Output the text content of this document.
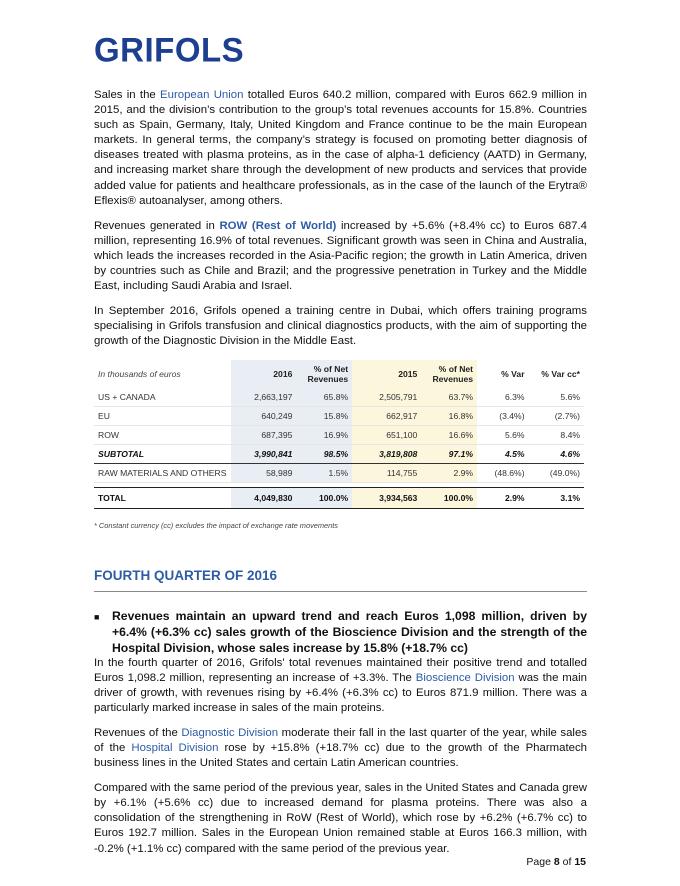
GRIFOLS

Sales in the European Union totalled Euros 640.2 million, compared with Euros 662.9 million in 2015, and the division’s contribution to the group’s total revenues accounts for 15.8%. Countries such as Spain, Germany, Italy, United Kingdom and France continue to be the main European markets. In general terms, the company’s strategy is focused on promoting better diagnosis of diseases treated with plasma proteins, as in the case of alpha-1 deficiency (AATD) in Germany, and increasing market share through the development of new products and services that provide added value for patients and healthcare professionals, as in the case of the launch of the Erytra® Eflexis® autoanalyser, among others.

Revenues generated in ROW (Rest of World) increased by +5.6% (+8.4% cc) to Euros 687.4 million, representing 16.9% of total revenues. Significant growth was seen in China and Australia, which leads the increases recorded in the Asia-Pacific region; the growth in Latin America, driven by countries such as Chile and Brazil; and the progressive penetration in Turkey and the Middle East, including Saudi Arabia and Israel.

In September 2016, Grifols opened a training centre in Dubai, which offers training programs specialising in Grifols transfusion and clinical diagnostics products, with the aim of supporting the growth of the Diagnostic Division in the Middle East.

In thousands of euros	2016	% of Net Revenues	2015	% of Net Revenues	% Var	% Var cc*
US + CANADA	2,663,197	65.8%	2,505,791	63.7%	6.3%	5.6%
EU	640,249	15.8%	662,917	16.8%	(3.4%)	(2.7%)
ROW	687,395	16.9%	651,100	16.6%	5.6%	8.4%
SUBTOTAL	3,990,841	98.5%	3,819,808	97.1%	4.5%	4.6%
RAW MATERIALS AND OTHERS	58,989	1.5%	114,755	2.9%	(48.6%)	(49.0%)

TOTAL	4,049,830	100.0%	3,934,563	100.0%	2.9%	3.1%
* Constant currency (cc) excludes the impact of exchange rate movements
FOURTH QUARTER OF 2016
■	Revenues maintain an upward trend and reach Euros 1,098 million, driven by +6.4% (+6.3% cc) sales growth of the Bioscience Division and the strength of the Hospital Division, whose sales increase by 15.8% (+18.7% cc)

In the fourth quarter of 2016, Grifols' total revenues maintained their positive trend and totalled Euros 1,098.2 million, representing an increase of +3.3%. The Bioscience Division was the main driver of growth, with revenues rising by +6.4% (+6.3% cc) to Euros 871.9 million. There was a particularly marked increase in sales of the main proteins.

Revenues of the Diagnostic Division moderate their fall in the last quarter of the year, while sales of the Hospital Division rose by +15.8% (+18.7% cc) due to the growth of the Pharmatech business lines in the United States and certain Latin American countries.

Compared with the same period of the previous year, sales in the United States and Canada grew by +6.1% (+5.6% cc) due to increased demand for plasma proteins. There was also a consolidation of the strengthening in RoW (Rest of World), which rose by +6.2% (+6.7% cc) to Euros 192.7 million. Sales in the European Union remained stable at Euros 166.3 million, with -0.2% (+1.1% cc) compared with the same period of the previous year.

Page 8 of 15
